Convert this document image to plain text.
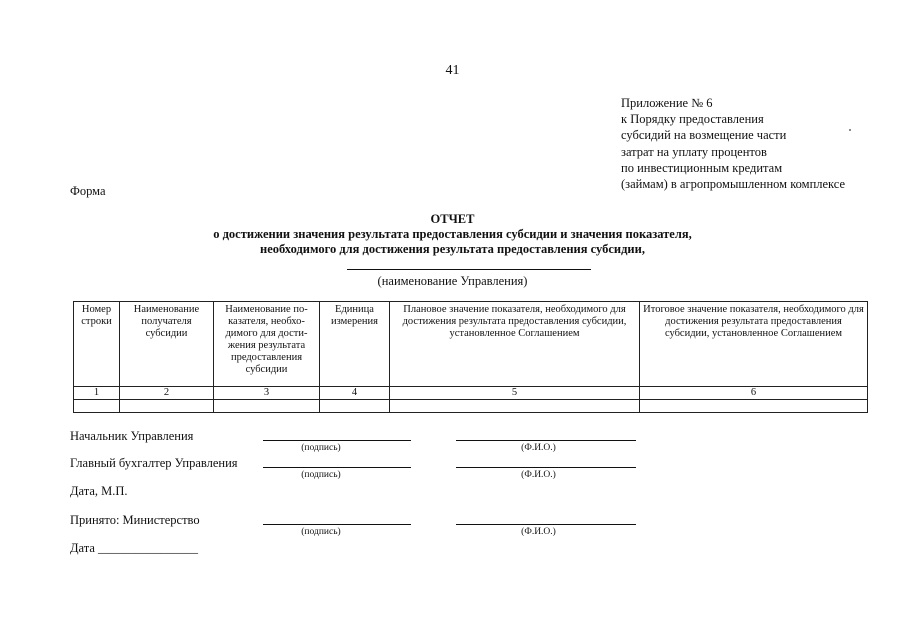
41
Приложение № 6
к Порядку предоставления
субсидий на возмещение части
затрат на уплату процентов
по инвестиционным кредитам
(займам) в агропромышленном комплексе
Форма
ОТЧЕТ
о достижении значения результата предоставления субсидии и значения показателя,
необходимого для достижения результата предоставления субсидии,
(наименование Управления)
Номер строки	Наименование получателя субсидии	Наименование показателя, необходимого для достижения результата предоставления субсидии	Единица измерения	Плановое значение показателя, необходимого для достижения результата предоставления субсидии, установленное Соглашением	Итоговое значение показателя, необходимого для достижения результата предоставления субсидии, установленное Соглашением
1	2	3	4	5	6

Начальник Управления
(подпись)	(Ф.И.О.)
Главный бухгалтер Управления
(подпись)	(Ф.И.О.)
Дата, М.П.
Принято: Министерство
(подпись)	(Ф.И.О.)
Дата ________________
